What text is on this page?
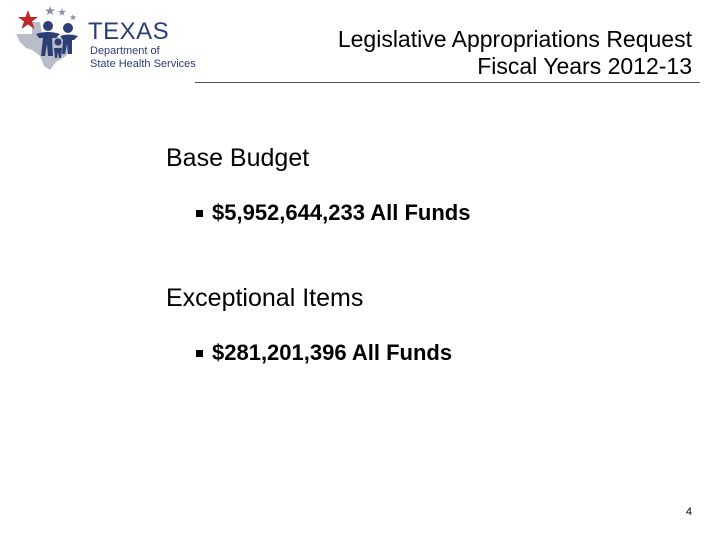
TEXAS
Department of
State Health Services
Legislative Appropriations Request
Fiscal Years 2012-13
Base Budget
$5,952,644,233 All Funds
Exceptional Items
$281,201,396 All Funds
4
